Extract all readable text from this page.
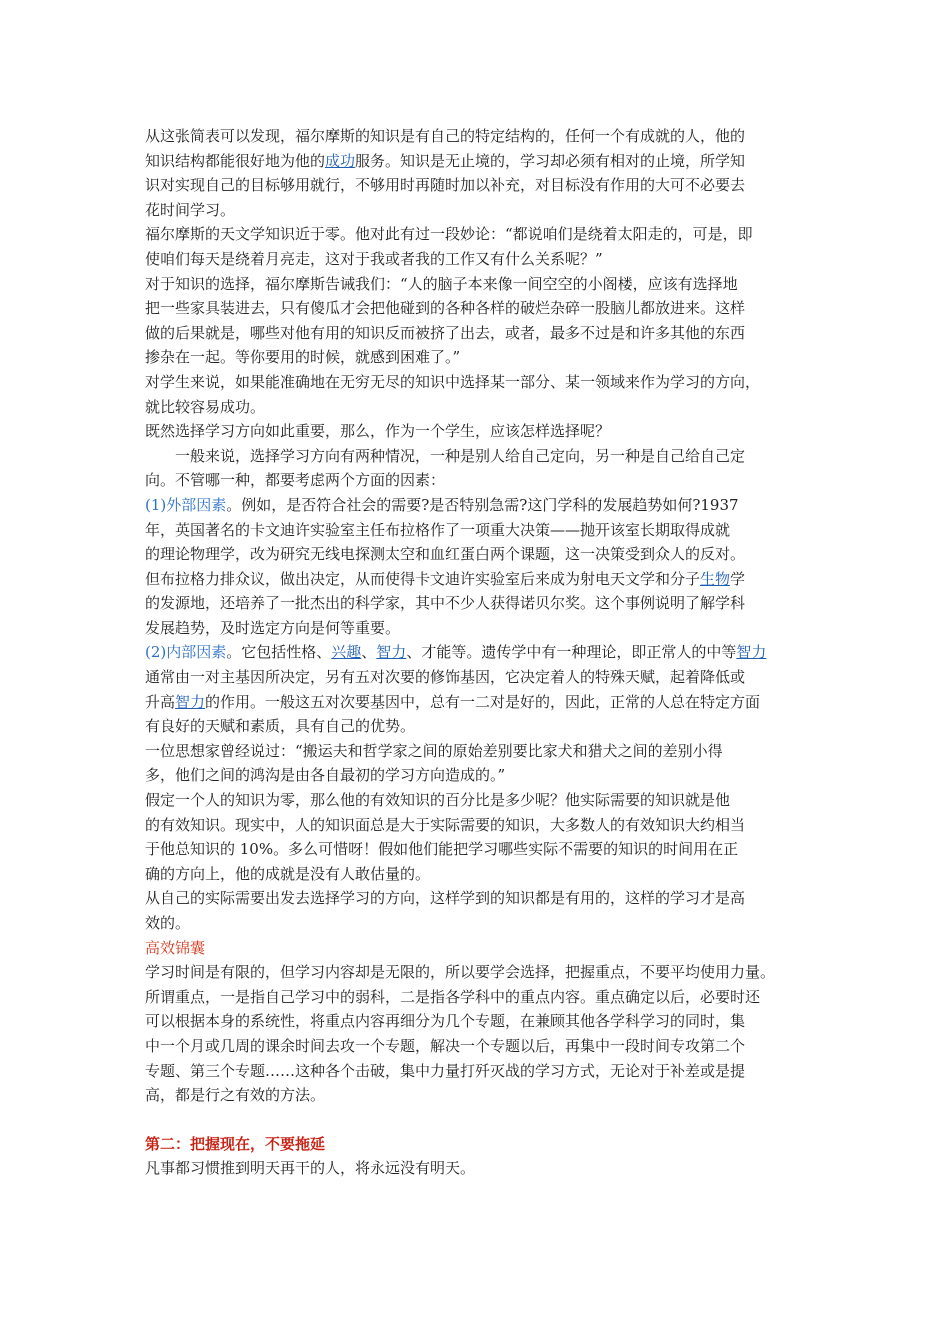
从这张简表可以发现，福尔摩斯的知识是有自己的特定结构的，任何一个有成就的人，他的
知识结构都能很好地为他的成功服务。知识是无止境的，学习却必须有相对的止境，所学知
识对实现自己的目标够用就行，不够用时再随时加以补充，对目标没有作用的大可不必要去
花时间学习。

福尔摩斯的天文学知识近于零。他对此有过一段妙论：“都说咱们是绕着太阳走的，可是，即
使咱们每天是绕着月亮走，这对于我或者我的工作又有什么关系呢？”

对于知识的选择，福尔摩斯告诫我们：“人的脑子本来像一间空空的小阁楼，应该有选择地
把一些家具装进去，只有傻瓜才会把他碰到的各种各样的破烂杂碎一股脑儿都放进来。这样
做的后果就是，哪些对他有用的知识反而被挤了出去，或者，最多不过是和许多其他的东西
掺杂在一起。等你要用的时候，就感到困难了。”

对学生来说，如果能准确地在无穷无尽的知识中选择某一部分、某一领域来作为学习的方向，
就比较容易成功。

既然选择学习方向如此重要，那么，作为一个学生，应该怎样选择呢？

一般来说，选择学习方向有两种情况，一种是别人给自己定向，另一种是自己给自己定
向。不管哪一种，都要考虑两个方面的因素：

(1)外部因素。例如，是否符合社会的需要?是否特别急需?这门学科的发展趋势如何?1937
年，英国著名的卡文迪许实验室主任布拉格作了一项重大决策——抛开该室长期取得成就
的理论物理学，改为研究无线电探测太空和血红蛋白两个课题，这一决策受到众人的反对。
但布拉格力排众议，做出决定，从而使得卡文迪许实验室后来成为射电天文学和分子生物学
的发源地，还培养了一批杰出的科学家，其中不少人获得诺贝尔奖。这个事例说明了解学科
发展趋势，及时选定方向是何等重要。

(2)内部因素。它包括性格、兴趣、智力、才能等。遗传学中有一种理论，即正常人的中等智力
通常由一对主基因所决定，另有五对次要的修饰基因，它决定着人的特殊天赋，起着降低或
升高智力的作用。一般这五对次要基因中，总有一二对是好的，因此，正常的人总在特定方面
有良好的天赋和素质，具有自己的优势。

一位思想家曾经说过：“搬运夫和哲学家之间的原始差别要比家犬和猎犬之间的差别小得
多，他们之间的鸿沟是由各自最初的学习方向造成的。”

假定一个人的知识为零，那么他的有效知识的百分比是多少呢？他实际需要的知识就是他
的有效知识。现实中，人的知识面总是大于实际需要的知识，大多数人的有效知识大约相当
于他总知识的 10%。多么可惜呀！假如他们能把学习哪些实际不需要的知识的时间用在正
确的方向上，他的成就是没有人敢估量的。

从自己的实际需要出发去选择学习的方向，这样学到的知识都是有用的，这样的学习才是高
效的。

高效锦囊

学习时间是有限的，但学习内容却是无限的，所以要学会选择，把握重点，不要平均使用力量。
所谓重点，一是指自己学习中的弱科，二是指各学科中的重点内容。重点确定以后，必要时还
可以根据本身的系统性，将重点内容再细分为几个专题，在兼顾其他各学科学习的同时，集
中一个月或几周的课余时间去攻一个专题，解决一个专题以后，再集中一段时间专攻第二个
专题、第三个专题……这种各个击破，集中力量打歼灭战的学习方式，无论对于补差或是提
高，都是行之有效的方法。

第二：把握现在，不要拖延

凡事都习惯推到明天再干的人，将永远没有明天。
